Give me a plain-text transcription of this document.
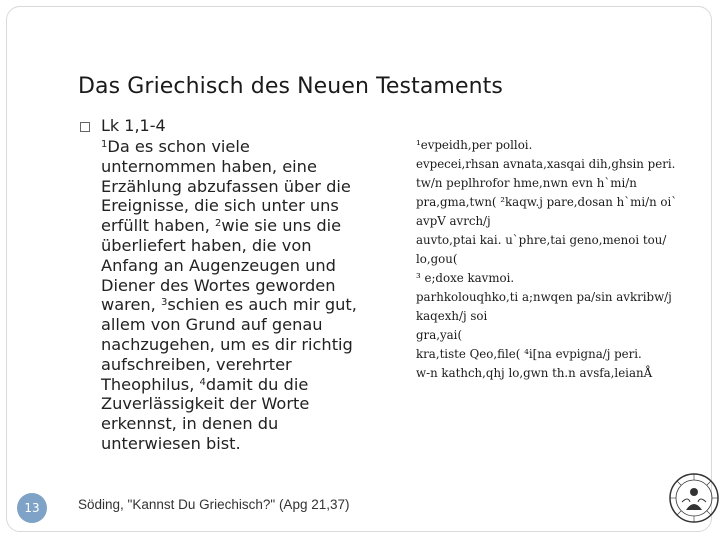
Das Griechisch des Neuen Testaments
Lk 1,1-4
$^1$Da es schon viele
unternommen haben, eine
Erzählung abzufassen über die
Ereignisse, die sich unter uns
erfüllt haben, $^2$wie sie uns die
überliefert haben, die von
Anfang an Augenzeugen und
Diener des Wortes geworden
waren, $^3$schien es auch mir gut,
allem von Grund auf genau
nachzugehen, um es dir richtig
aufschreiben, verehrter
Theophilus, $^4$damit du die
Zuverlässigkeit der Worte
erkennst, in denen du
unterwiesen bist.
¹evpeidh,per polloi.
evpecei,rhsan avnata,xasqai dih,ghsin peri.
tw/n peplhrofor hme,nwn evn h`mi/n
pra,gma,twn( ²kaqw.j pare,dosan h`mi/n oi`
avpV avrch/j
auvto,ptai kai. u`phre,tai geno,menoi tou/
lo,gou(
³ e;doxe kavmoi.
parhkolouqhko,ti a;nwqen pa/sin avkribw/j
kaqexh/j soi
gra,yai(
kra,tiste Qeo,file( ⁴i[na evpigna/j peri.
w-n kathch,qhj lo,gwn th.n avsfa,leianÅ
13	Söding, "Kannst Du Griechisch?" (Apg 21,37)
